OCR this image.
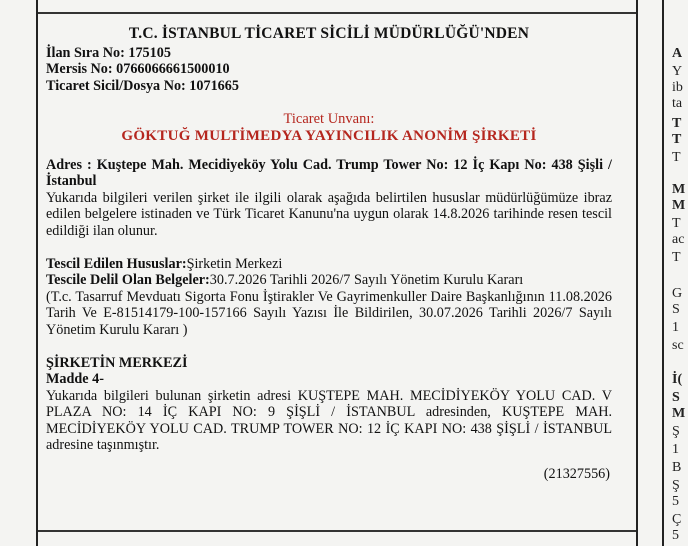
T.C. İSTANBUL TİCARET SİCİLİ MÜDÜRLÜĞÜ'NDEN
İlan Sıra No: 175105
Mersis No: 0766066661500010
Ticaret Sicil/Dosya No: 1071665
Ticaret Unvanı:
GÖKTUĞ MULTİMEDYA YAYINCILIK ANONİM ŞİRKETİ
Adres : Kuştepe Mah. Mecidiyeköy Yolu Cad. Trump Tower No: 12 İç Kapı No: 438 Şişli / İstanbul
Yukarıda bilgileri verilen şirket ile ilgili olarak aşağıda belirtilen hususlar müdürlüğümüze ibraz edilen belgelere istinaden ve Türk Ticaret Kanunu'na uygun olarak 14.8.2026 tarihinde resen tescil edildiği ilan olunur.
Tescil Edilen Hususlar:Şirketin Merkezi
Tescile Delil Olan Belgeler:30.7.2026 Tarihli 2026/7 Sayılı Yönetim Kurulu Kararı
(T.c. Tasarruf Mevduatı Sigorta Fonu İştirakler Ve Gayrimenkuller Daire Başkanlığının 11.08.2026 Tarih Ve E-81514179-100-157166 Sayılı Yazısı İle Bildirilen, 30.07.2026 Tarihli 2026/7 Sayılı Yönetim Kurulu Kararı )
ŞİRKETİN MERKEZİ
Madde 4-
Yukarıda bilgileri bulunan şirketin adresi KUŞTEPE MAH. MECİDİYEKÖY YOLU CAD. V PLAZA NO: 14 İÇ KAPI NO: 9 ŞİŞLİ / İSTANBUL adresinden, KUŞTEPE MAH. MECİDİYEKÖY YOLU CAD. TRUMP TOWER NO: 12 İÇ KAPI NO: 438 ŞİŞLİ / İSTANBUL adresine taşınmıştır.
(21327556)
A
Y
ib
ta
T
T
T
M
M
T
ac
T
G
S
1
sc
İ(
S
M
Ş
1
B
Ş
5
Ç
5
